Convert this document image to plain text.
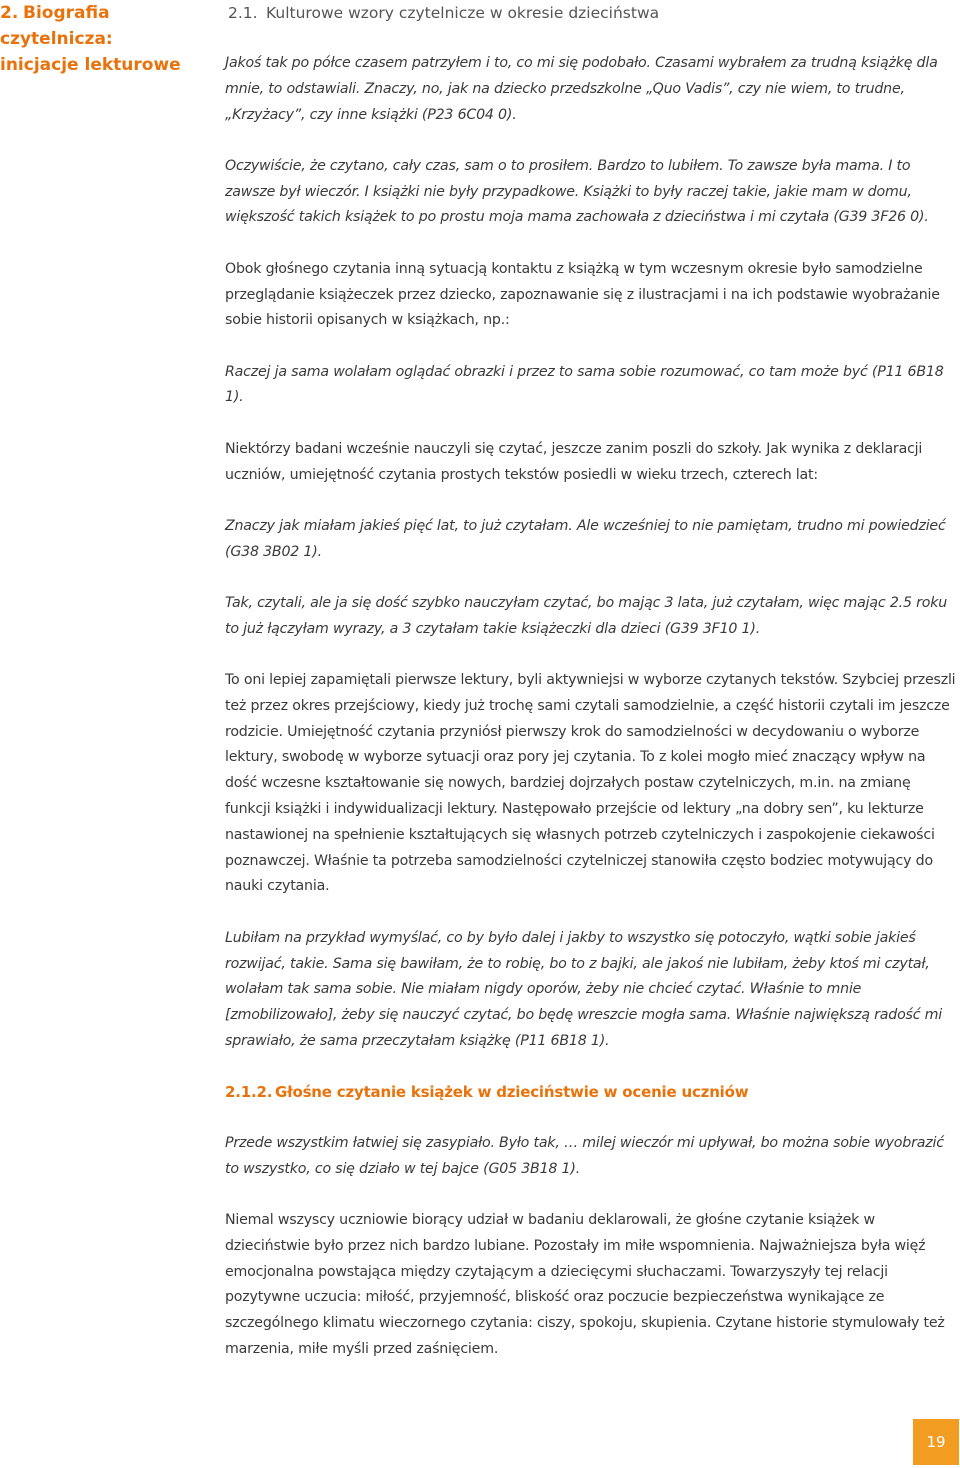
2. Biografia czytelnicza:
inicjacje lekturowe
2.1. Kulturowe wzory czytelnicze w okresie dzieciństwa

Jakoś tak po półce czasem patrzyłem i to, co mi się podobało. Czasami wybrałem za trudną książkę dla mnie, to odstawiali. Znaczy, no, jak na dziecko przedszkolne „Quo Vadis”, czy nie wiem, to trudne, „Krzyżacy”, czy inne książki (P23 6C04 0).

Oczywiście, że czytano, cały czas, sam o to prosiłem. Bardzo to lubiłem. To zawsze była mama. I to zawsze był wieczór. I książki nie były przypadkowe. Książki to były raczej takie, jakie mam w domu, większość takich książek to po prostu moja mama zachowała z dzieciństwa i mi czytała (G39 3F26 0).

Obok głośnego czytania inną sytuacją kontaktu z książką w tym wczesnym okresie było samodzielne przeglądanie książeczek przez dziecko, zapoznawanie się z ilustracjami i na ich podstawie wyobrażanie sobie historii opisanych w książkach, np.:

Raczej ja sama wolałam oglądać obrazki i przez to sama sobie rozumować, co tam może być (P11 6B18 1).

Niektórzy badani wcześnie nauczyli się czytać, jeszcze zanim poszli do szkoły. Jak wynika z deklaracji uczniów, umiejętność czytania prostych tekstów posiedli w wieku trzech, czterech lat:

Znaczy jak miałam jakieś pięć lat, to już czytałam. Ale wcześniej to nie pamiętam, trudno mi powiedzieć (G38 3B02 1).

Tak, czytali, ale ja się dość szybko nauczyłam czytać, bo mając 3 lata, już czytałam, więc mając 2.5 roku to już łączyłam wyrazy, a 3 czytałam takie książeczki dla dzieci (G39 3F10 1).

To oni lepiej zapamiętali pierwsze lektury, byli aktywniejsi w wyborze czytanych tekstów. Szybciej przeszli też przez okres przejściowy, kiedy już trochę sami czytali samodzielnie, a część historii czytali im jeszcze rodzicie. Umiejętność czytania przyniósł pierwszy krok do samodzielności w decydowaniu o wyborze lektury, swobodę w wyborze sytuacji oraz pory jej czytania. To z kolei mogło mieć znaczący wpływ na dość wczesne kształtowanie się nowych, bardziej dojrzałych postaw czytelniczych, m.in. na zmianę funkcji książki i indywidualizacji lektury. Następowało przejście od lektury „na dobry sen”, ku lekturze nastawionej na spełnienie kształtujących się własnych potrzeb czytelniczych i zaspokojenie ciekawości poznawczej. Właśnie ta potrzeba samodzielności czytelniczej stanowiła często bodziec motywujący do nauki czytania.

Lubiłam na przykład wymyślać, co by było dalej i jakby to wszystko się potoczyło, wątki sobie jakieś rozwijać, takie. Sama się bawiłam, że to robię, bo to z bajki, ale jakoś nie lubiłam, żeby ktoś mi czytał, wolałam tak sama sobie. Nie miałam nigdy oporów, żeby nie chcieć czytać. Właśnie to mnie [zmobilizowało], żeby się nauczyć czytać, bo będę wreszcie mogła sama. Właśnie największą radość mi sprawiało, że sama przeczytałam książkę (P11 6B18 1).

2.1.2. Głośne czytanie książek w dzieciństwie w ocenie uczniów

Przede wszystkim łatwiej się zasypiało. Było tak, … milej wieczór mi upływał, bo można sobie wyobrazić to wszystko, co się działo w tej bajce (G05 3B18 1).

Niemal wszyscy uczniowie biorący udział w badaniu deklarowali, że głośne czytanie książek w dzieciństwie było przez nich bardzo lubiane. Pozostały im miłe wspomnienia. Najważniejsza była więź emocjonalna powstająca między czytającym a dziecięcymi słuchaczami. Towarzyszyły tej relacji pozytywne uczucia: miłość, przyjemność, bliskość oraz poczucie bezpieczeństwa wynikające ze szczególnego klimatu wieczornego czytania: ciszy, spokoju, skupienia. Czytane historie stymulowały też marzenia, miłe myśli przed zaśnięciem.

19
